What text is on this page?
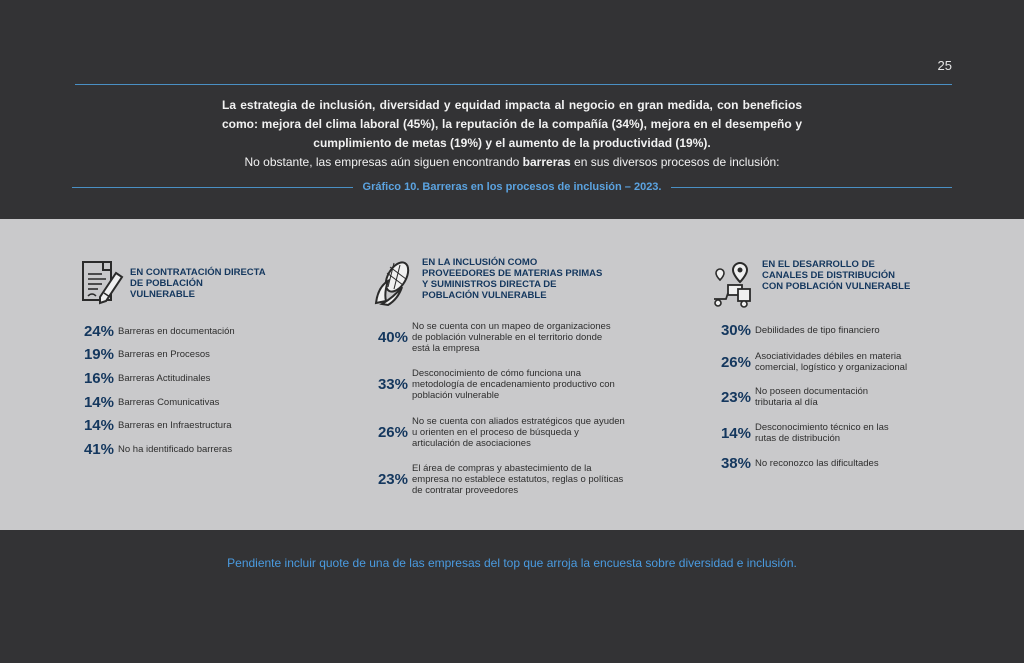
25
La estrategia de inclusión, diversidad y equidad impacta al negocio en gran medida, con beneficios como: mejora del clima laboral (45%), la reputación de la compañía (34%), mejora en el desempeño y cumplimiento de metas (19%) y el aumento de la productividad (19%).
No obstante, las empresas aún siguen encontrando barreras en sus diversos procesos de inclusión:
Gráfico 10. Barreras en los procesos de inclusión – 2023.
EN CONTRATACIÓN DIRECTA DE POBLACIÓN VULNERABLE
24% Barreras en documentación
19% Barreras en Procesos
16% Barreras Actitudinales
14% Barreras Comunicativas
14% Barreras en Infraestructura
41% No ha identificado barreras
EN LA INCLUSIÓN COMO PROVEEDORES DE MATERIAS PRIMAS Y SUMINISTROS DIRECTA DE POBLACIÓN VULNERABLE
40%
No se cuenta con un mapeo de organizaciones de población vulnerable en el territorio donde está la empresa
33%
Desconocimiento de cómo funciona una metodología de encadenamiento productivo con población vulnerable
26%
No se cuenta con aliados estratégicos que ayuden u orienten en el proceso de búsqueda y articulación de asociaciones
23%
El área de compras y abastecimiento de la empresa no establece estatutos, reglas o políticas de contratar proveedores
EN EL DESARROLLO DE CANALES DE DISTRIBUCIÓN CON POBLACIÓN VULNERABLE
30% Debilidades de tipo financiero
26% Asociatividades débiles en materia comercial, logístico y organizacional
23% No poseen documentación tributaria al día
14% Desconocimiento técnico en las rutas de distribución
38% No reconozco las dificultades
Pendiente incluir quote de una de las empresas del top que arroja la encuesta sobre diversidad e inclusión.
